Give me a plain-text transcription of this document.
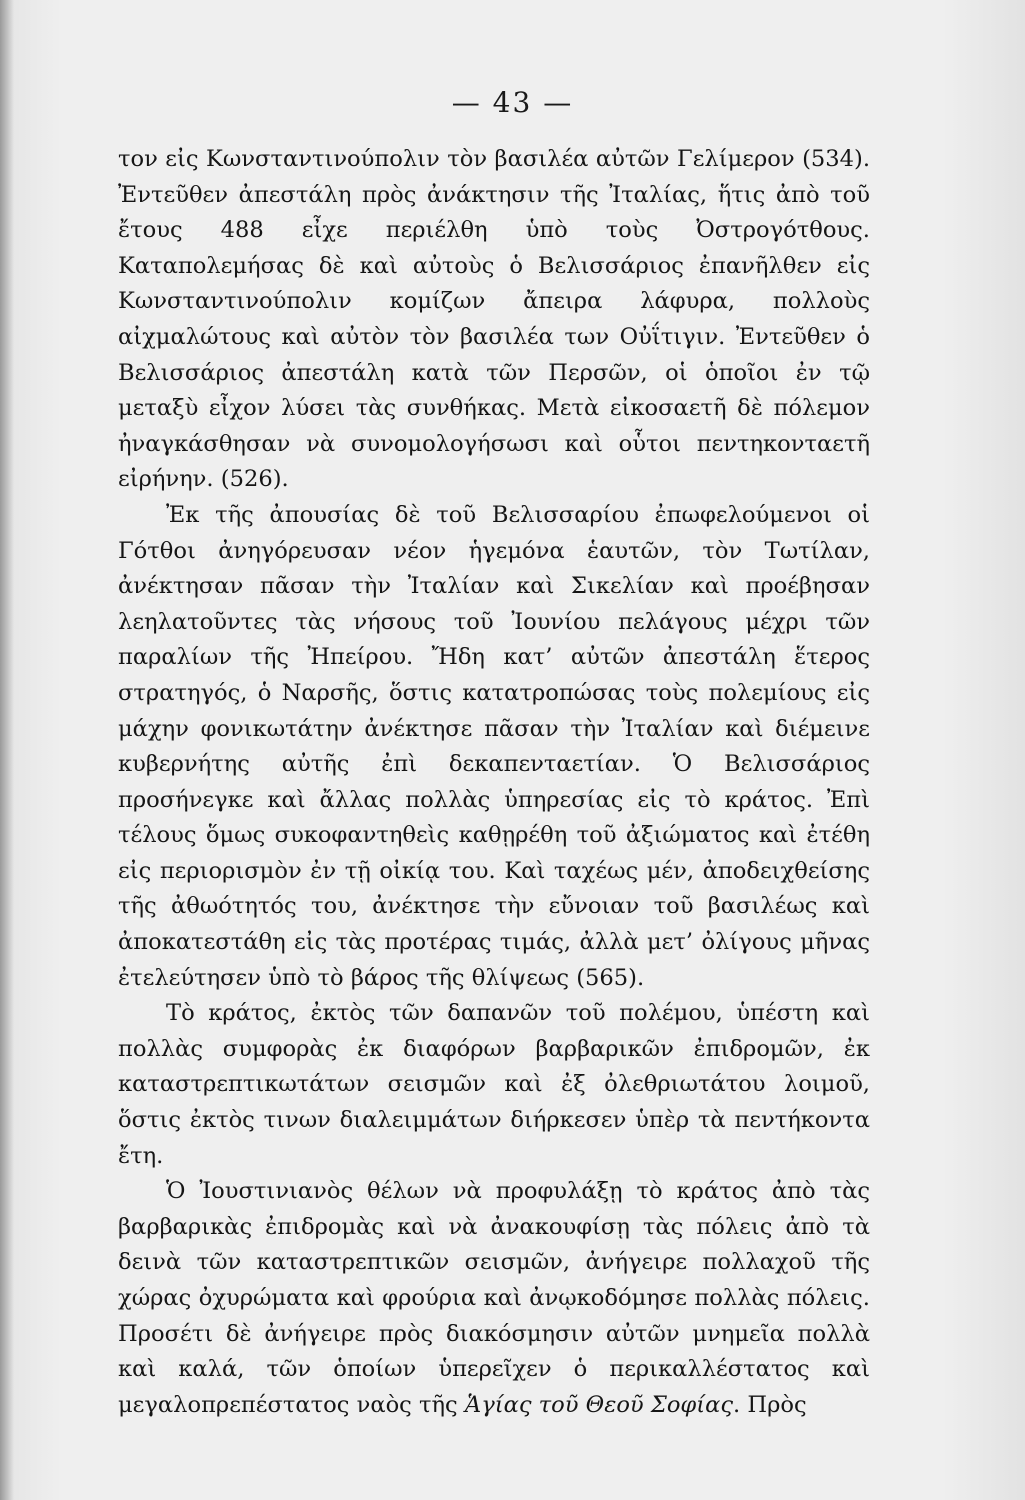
— 43 —

τον εἰς Κωνσταντινούπολιν τὸν βασιλέα αὐτῶν Γελίμερον (534). Ἐντεῦθεν ἀπεστάλη πρὸς ἀνάκτησιν τῆς Ἰταλίας, ἥτις ἀπὸ τοῦ ἔτους 488 εἶχε περιέλθη ὑπὸ τοὺς Ὀστρογότθους. Καταπολεμήσας δὲ καὶ αὐτοὺς ὁ Βελισσάριος ἐπανῆλθεν εἰς Κωνσταντινούπολιν κομίζων ἄπειρα λάφυρα, πολλοὺς αἰχμαλώτους καὶ αὐτὸν τὸν βασιλέα των Οὐΐτιγιν. Ἐντεῦθεν ὁ Βελισσάριος ἀπεστάλη κατὰ τῶν Περσῶν, οἱ ὁποῖοι ἐν τῷ μεταξὺ εἶχον λύσει τὰς συνθήκας. Μετὰ εἰκοσαετῆ δὲ πόλεμον ἠναγκάσθησαν νὰ συνομολογήσωσι καὶ οὗτοι πεντηκονταετῆ εἰρήνην. (526).

Ἐκ τῆς ἀπουσίας δὲ τοῦ Βελισσαρίου ἐπωφελούμενοι οἱ Γότθοι ἀνηγόρευσαν νέον ἡγεμόνα ἑαυτῶν, τὸν Τωτίλαν, ἀνέκτησαν πᾶσαν τὴν Ἰταλίαν καὶ Σικελίαν καὶ προέβησαν λεηλατοῦντες τὰς νήσους τοῦ Ἰουνίου πελάγους μέχρι τῶν παραλίων τῆς Ἠπείρου. Ἤδη κατ’ αὐτῶν ἀπεστάλη ἕτερος στρατηγός, ὁ Ναρσῆς, ὅστις κατατροπώσας τοὺς πολεμίους εἰς μάχην φονικωτάτην ἀνέκτησε πᾶσαν τὴν Ἰταλίαν καὶ διέμεινε κυβερνήτης αὐτῆς ἐπὶ δεκαπενταετίαν. Ὁ Βελισσάριος προσήνεγκε καὶ ἄλλας πολλὰς ὑπηρεσίας εἰς τὸ κράτος. Ἐπὶ τέλους ὅμως συκοφαντηθεὶς καθῃρέθη τοῦ ἀξιώματος καὶ ἐτέθη εἰς περιορισμὸν ἐν τῇ οἰκίᾳ του. Καὶ ταχέως μέν, ἀποδειχθείσης τῆς ἀθωότητός του, ἀνέκτησε τὴν εὔνοιαν τοῦ βασιλέως καὶ ἀποκατεστάθη εἰς τὰς προτέρας τιμάς, ἀλλὰ μετ’ ὀλίγους μῆνας ἐτελεύτησεν ὑπὸ τὸ βάρος τῆς θλίψεως (565).

Τὸ κράτος, ἐκτὸς τῶν δαπανῶν τοῦ πολέμου, ὑπέστη καὶ πολλὰς συμφορὰς ἐκ διαφόρων βαρβαρικῶν ἐπιδρομῶν, ἐκ καταστρεπτικωτάτων σεισμῶν καὶ ἐξ ὀλεθριωτάτου λοιμοῦ, ὅστις ἐκτὸς τινων διαλειμμάτων διήρκεσεν ὑπὲρ τὰ πεντήκοντα ἔτη.

Ὁ Ἰουστινιανὸς θέλων νὰ προφυλάξῃ τὸ κράτος ἀπὸ τὰς βαρβαρικὰς ἐπιδρομὰς καὶ νὰ ἀνακουφίσῃ τὰς πόλεις ἀπὸ τὰ δεινὰ τῶν καταστρεπτικῶν σεισμῶν, ἀνήγειρε πολλαχοῦ τῆς χώρας ὀχυρώματα καὶ φρούρια καὶ ἀνῳκοδόμησε πολλὰς πόλεις. Προσέτι δὲ ἀνήγειρε πρὸς διακόσμησιν αὐτῶν μνημεῖα πολλὰ καὶ καλά, τῶν ὁποίων ὑπερεῖχεν ὁ περικαλλέστατος καὶ μεγαλοπρεπέστατος ναὸς τῆς Ἁγίας τοῦ Θεοῦ Σοφίας. Πρὸς
